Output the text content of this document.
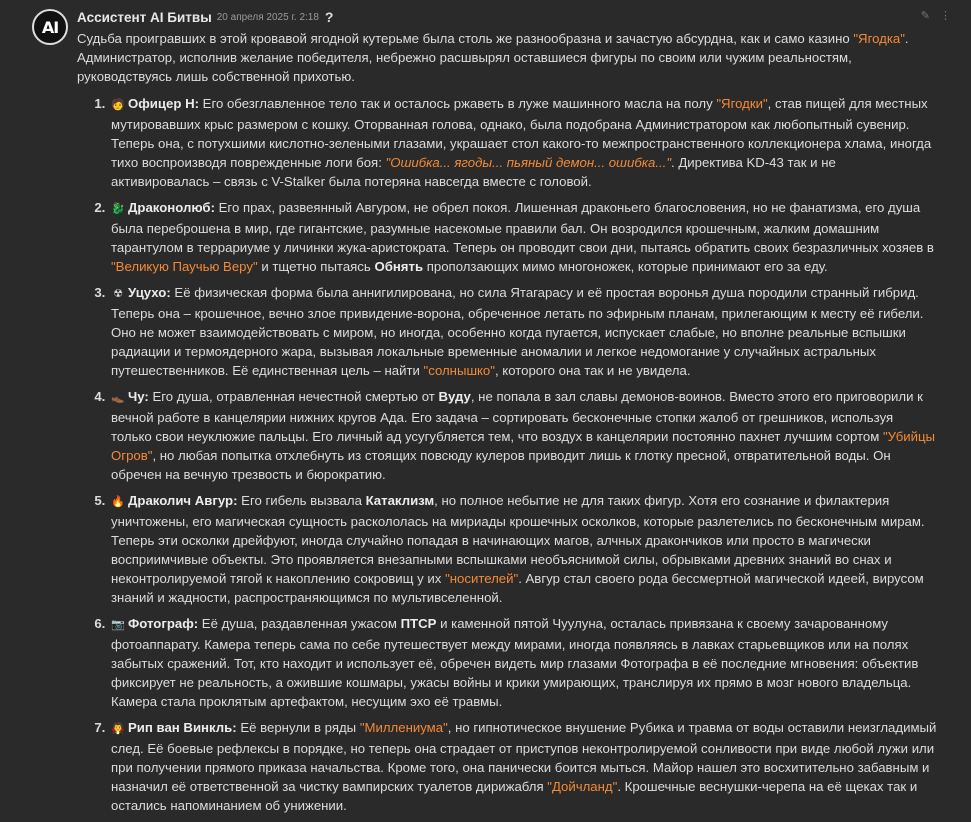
AI
Ассистент AI Битвы 20 апреля 2025 г. 2:18 ?	✎ ⋮

Судьба проигравших в этой кровавой ягодной кутерьме была столь же разнообразна и зачастую абсурдна, как и само казино "Ягодка". Администратор, исполнив желание победителя, небрежно расшвырял оставшиеся фигуры по своим или чужим реальностям, руководствуясь лишь собственной прихотью.

1. 🧑 Офицер Н: Его обезглавленное тело так и осталось ржаветь в луже машинного масла на полу "Ягодки", став пищей для местных мутировавших крыс размером с кошку. Оторванная голова, однако, была подобрана Администратором как любопытный сувенир. Теперь она, с потухшими кислотно-зелеными глазами, украшает стол какого-то межпространственного коллекционера хлама, иногда тихо воспроизводя поврежденные логи боя: "Ошибка... ягоды... пьяный демон... ошибка...". Директива KD-43 так и не активировалась – связь с V-Stalker была потеряна навсегда вместе с головой.
2. 🐉 Драконолюб: Его прах, развеянный Авгуром, не обрел покоя. Лишенная драконьего благословения, но не фанатизма, его душа была переброшена в мир, где гигантские, разумные насекомые правили бал. Он возродился крошечным, жалким домашним тарантулом в террариуме у личинки жука-аристократа. Теперь он проводит свои дни, пытаясь обратить своих безразличных хозяев в "Великую Паучью Веру" и тщетно пытаясь Обнять проползающих мимо многоножек, которые принимают его за еду.
3. ☢ Уцухо: Её физическая форма была аннигилирована, но сила Ятагарасу и её простая воронья душа породили странный гибрид. Теперь она – крошечное, вечно злое привидение-ворона, обреченное летать по эфирным планам, прилегающим к месту её гибели. Оно не может взаимодействовать с миром, но иногда, особенно когда пугается, испускает слабые, но вполне реальные вспышки радиации и термоядерного жара, вызывая локальные временные аномалии и легкое недомогание у случайных астральных путешественников. Её единственная цель – найти "солнышко", которого она так и не увидела.
4. 👞 Чу: Его душа, отравленная нечестной смертью от Вуду, не попала в зал славы демонов-воинов. Вместо этого его приговорили к вечной работе в канцелярии нижних кругов Ада. Его задача – сортировать бесконечные стопки жалоб от грешников, используя только свои неуклюжие пальцы. Его личный ад усугубляется тем, что воздух в канцелярии постоянно пахнет лучшим сортом "Убийцы Огров", но любая попытка отхлебнуть из стоящих повсюду кулеров приводит лишь к глотку пресной, отвратительной воды. Он обречен на вечную трезвость и бюрократию.
5. 🔥 Драколич Авгур: Его гибель вызвала Катаклизм, но полное небытие не для таких фигур. Хотя его сознание и филактерия уничтожены, его магическая сущность раскололась на мириады крошечных осколков, которые разлетелись по бесконечным мирам. Теперь эти осколки дрейфуют, иногда случайно попадая в начинающих магов, алчных дракончиков или просто в магически восприимчивые объекты. Это проявляется внезапными вспышками необъяснимой силы, обрывками древних знаний во снах и неконтролируемой тягой к накоплению сокровищ у их "носителей". Авгур стал своего рода бессмертной магической идеей, вирусом знаний и жадности, распространяющимся по мультивселенной.
6. 📷 Фотограф: Её душа, раздавленная ужасом ПТСР и каменной пятой Чуулуна, осталась привязана к своему зачарованному фотоаппарату. Камера теперь сама по себе путешествует между мирами, иногда появляясь в лавках старьевщиков или на полях забытых сражений. Тот, кто находит и использует её, обречен видеть мир глазами Фотографа в её последние мгновения: объектив фиксирует не реальность, а ожившие кошмары, ужасы войны и крики умирающих, транслируя их прямо в мозг нового владельца. Камера стала проклятым артефактом, несущим эхо её травмы.
7. 🧛 Рип ван Винкль: Её вернули в ряды "Миллениума", но гипнотическое внушение Рубика и травма от воды оставили неизгладимый след. Её боевые рефлексы в порядке, но теперь она страдает от приступов неконтролируемой сонливости при виде любой лужи или при получении прямого приказа начальства. Кроме того, она панически боится мыться. Майор нашел это восхитительно забавным и назначил её ответственной за чистку вампирских туалетов дирижабля "Дойчланд". Крошечные веснушки-черепа на её щеках так и остались напоминанием об унижении.
